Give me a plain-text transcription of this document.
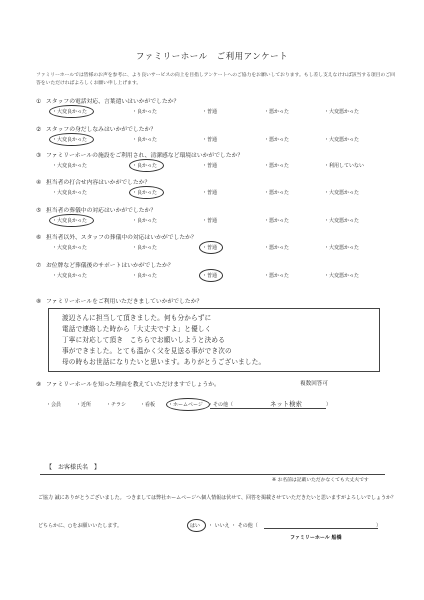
ファミリーホール　ご利用アンケート
ファミリーホールでは皆様のお声を参考に、より良いサービスの向上を目指しアンケートへのご協力をお願いしております。もし差し支えなければ該当する項目のご回答をいただければよろしくお願い申し上げます。
① スタッフの電話対応、言葉遣いはいかがでしたか？
・大変良かった	・良かった	・普通	・悪かった	・大変悪かった
② スタッフの身だしなみはいかがでしたか？
・大変良かった	・良かった	・普通	・悪かった	・大変悪かった
③ ファミリーホールの施設をご利用され、清潔感など環境はいかがでしたか？
・大変良かった	・良かった	・普通	・悪かった	・利用していない
④ 担当者の打合せ内容はいかがでしたか？
・大変良かった	・良かった	・普通	・悪かった	・大変悪かった
⑤ 担当者の葬儀中の対応はいかがでしたか？
・大変良かった	・良かった	・普通	・悪かった	・大変悪かった
⑥ 担当者以外、スタッフの葬儀中の対応はいかがでしたか？
・大変良かった	・良かった	・普通	・悪かった	・大変悪かった
⑦ お位牌など葬儀後のサポートはいかがでしたか？
・大変良かった	・良かった	・普通	・悪かった	・大変悪かった
⑧ ファミリーホールをご利用いただきましていかがでしたか？
渡辺さんに担当して頂きました。何も分からずに
電話で連絡した時から「大丈夫ですよ」と優しく
丁寧に対応して頂き　こちらでお願いしようと決める
事ができました。とても温かく父を見送る事ができ次の
母の時もお世話になりたいと思います。ありがとうございました。
⑨ ファミリーホールを知った理由を教えていただけますでしょうか。	複数回答可
・会員	・近所	・チラシ	・看板	・ホームページ ・その他（	）
ネット検索
【　お客様氏名　】
※ お名前は記載いただかなくても大丈夫です
ご協力 誠にありがとうございました。 つきましては弊社ホームページへ個人情報は伏せて、回答を掲載させていただきたいと思いますがよろしいでしょうか？
どちらかに、○をお願いいたします。	はい ・ いいえ ・ その他（	）
ファミリーホール 船橋
